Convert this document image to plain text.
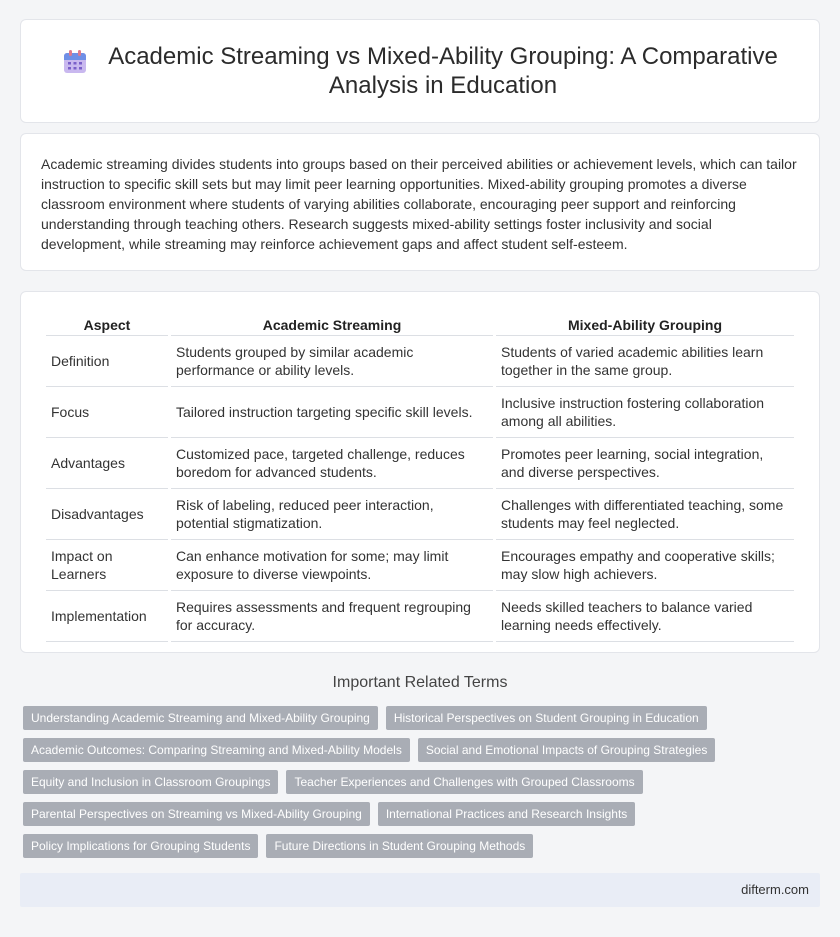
Academic Streaming vs Mixed-Ability Grouping: A Comparative Analysis in Education

Academic streaming divides students into groups based on their perceived abilities or achievement levels, which can tailor instruction to specific skill sets but may limit peer learning opportunities. Mixed-ability grouping promotes a diverse classroom environment where students of varying abilities collaborate, encouraging peer support and reinforcing understanding through teaching others. Research suggests mixed-ability settings foster inclusivity and social development, while streaming may reinforce achievement gaps and affect student self-esteem.

Aspect	Academic Streaming	Mixed-Ability Grouping
Definition	Students grouped by similar academic performance or ability levels.	Students of varied academic abilities learn together in the same group.
Focus	Tailored instruction targeting specific skill levels.	Inclusive instruction fostering collaboration among all abilities.
Advantages	Customized pace, targeted challenge, reduces boredom for advanced students.	Promotes peer learning, social integration, and diverse perspectives.
Disadvantages	Risk of labeling, reduced peer interaction, potential stigmatization.	Challenges with differentiated teaching, some students may feel neglected.
Impact on Learners	Can enhance motivation for some; may limit exposure to diverse viewpoints.	Encourages empathy and cooperative skills; may slow high achievers.
Implementation	Requires assessments and frequent regrouping for accuracy.	Needs skilled teachers to balance varied learning needs effectively.
Important Related Terms
Understanding Academic Streaming and Mixed-Ability Grouping	Historical Perspectives on Student Grouping in Education
Academic Outcomes: Comparing Streaming and Mixed-Ability Models	Social and Emotional Impacts of Grouping Strategies
Equity and Inclusion in Classroom Groupings	Teacher Experiences and Challenges with Grouped Classrooms
Parental Perspectives on Streaming vs Mixed-Ability Grouping	International Practices and Research Insights
Policy Implications for Grouping Students	Future Directions in Student Grouping Methods
difterm.com
